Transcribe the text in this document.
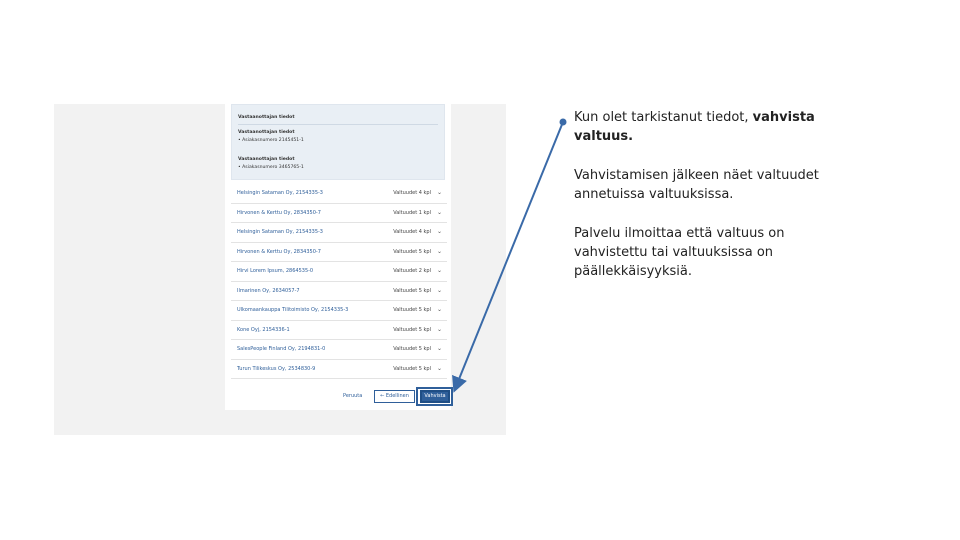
Vastaanottajan tiedot
Vastaanottajan tiedot
• Asiakasnumero 2145451-1
Vastaanottajan tiedot
• Asiakasnumero 3465765-1
Helsingin Sataman Oy, 2154335-3	Valtuudet 4 kpl ⌄
Hirvonen & Kerttu Oy, 2834350-7	Valtuudet 1 kpl ⌄
Helsingin Sataman Oy, 2154335-3	Valtuudet 4 kpl ⌄
Hirvonen & Kerttu Oy, 2834350-7	Valtuudet 5 kpl ⌄
Hirvi Lorem Ipsum, 2864535-0	Valtuudet 2 kpl ⌄
Ilmarinen Oy, 2634057-7	Valtuudet 5 kpl ⌄
Ulkomaankauppa Tilitoimisto Oy, 2154335-3	Valtuudet 5 kpl ⌄
Kone Oyj, 2154336-1	Valtuudet 5 kpl ⌄
SalesPeople Finland Oy, 2194831-0	Valtuudet 5 kpl ⌄
Turun Tilikeskus Oy, 2534830-9	Valtuudet 5 kpl ⌄
Peruuta	← Edellinen	Vahvista
Kun olet tarkistanut tiedot, vahvista valtuus.
Vahvistamisen jälkeen näet valtuudet annetuissa valtuuksissa.
Palvelu ilmoittaa että valtuus on vahvistettu tai valtuuksissa on päällekkäisyyksiä.
